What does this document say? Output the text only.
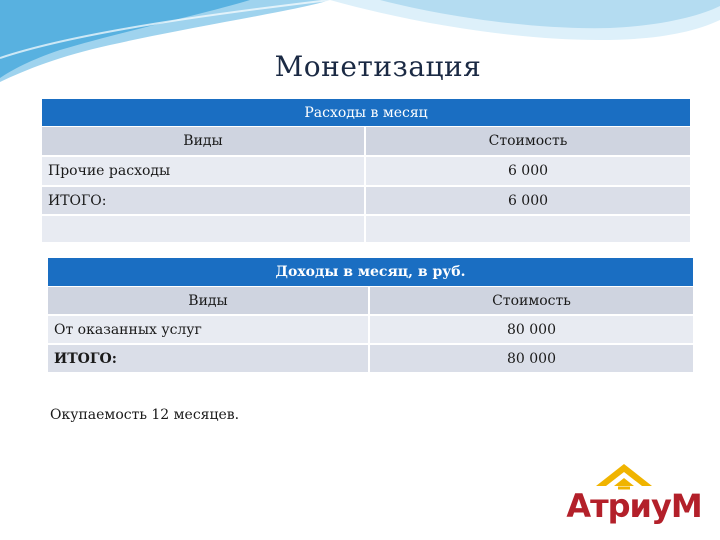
Монетизация
Расходы в месяц	
Виды	Стоимость
Прочие расходы	6 000
ИТОГО:	6 000

Доходы в месяц, в руб.	
Виды	Стоимость
От оказанных услуг	80 000
ИТОГО:	80 000
Окупаемость 12 месяцев.
АтриуМ
